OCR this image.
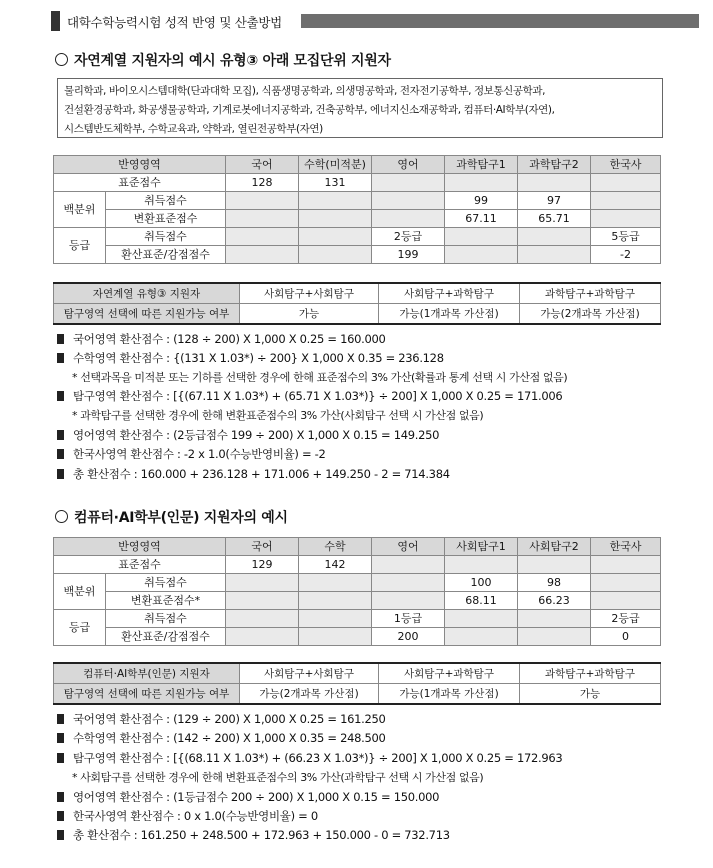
대학수학능력시험 성적 반영 및 산출방법
자연계열 지원자의 예시 유형③ 아래 모집단위 지원자
물리학과, 바이오시스템대학(단과대학 모집), 식품생명공학과, 의생명공학과, 전자전기공학부, 정보통신공학과,
건설환경공학과, 화공생물공학과, 기계로봇에너지공학과, 건축공학부, 에너지신소재공학과, 컴퓨터·AI학부(자연),
시스템반도체학부, 수학교육과, 약학과, 열린전공학부(자연)
반영영역		국어	수학(미적분)	영어	과학탐구1	과학탐구2	한국사
표준점수		128	131				
백분위	취득점수				99	97	
	변환표준점수				67.11	65.71	
등급	취득점수			2등급			5등급
	환산표준/감점점수			199			-2
자연계열 유형③ 지원자	사회탐구+사회탐구	사회탐구+과학탐구	과학탐구+과학탐구
탐구영역 선택에 따른 지원가능 여부	가능	가능(1개과목 가산점)	가능(2개과목 가산점)
컴퓨터·AI학부(인문) 지원자의 예시
반영영역		국어	수학	영어	사회탐구1	사회탐구2	한국사
표준점수		129	142				
백분위	취득점수				100	98	
	변환표준점수*				68.11	66.23	
등급	취득점수			1등급			2등급
	환산표준/감점점수			200			0
컴퓨터·AI학부(인문) 지원자	사회탐구+사회탐구	사회탐구+과학탐구	과학탐구+과학탐구
탐구영역 선택에 따른 지원가능 여부	가능(2개과목 가산점)	가능(1개과목 가산점)	가능
국어영역 환산점수 : (128 ÷ 200) X 1,000 X 0.25 = 160.000
수학영역 환산점수 : {(131 X 1.03*) ÷ 200} X 1,000 X 0.35 = 236.128
* 선택과목을 미적분 또는 기하를 선택한 경우에 한해 표준점수의 3% 가산(확률과 통계 선택 시 가산점 없음)
탐구영역 환산점수 : [{(67.11 X 1.03*) + (65.71 X 1.03*)} ÷ 200] X 1,000 X 0.25 = 171.006
* 과학탐구를 선택한 경우에 한해 변환표준점수의 3% 가산(사회탐구 선택 시 가산점 없음)
영어영역 환산점수 : (2등급점수 199 ÷ 200) X 1,000 X 0.15 = 149.250
한국사영역 환산점수 : -2 x 1.0(수능반영비율) = -2
총 환산점수 : 160.000 + 236.128 + 171.006 + 149.250 - 2 = 714.384
국어영역 환산점수 : (129 ÷ 200) X 1,000 X 0.25 = 161.250
수학영역 환산점수 : (142 ÷ 200) X 1,000 X 0.35 = 248.500
탐구영역 환산점수 : [{(68.11 X 1.03*) + (66.23 X 1.03*)} ÷ 200] X 1,000 X 0.25 = 172.963
* 사회탐구를 선택한 경우에 한해 변환표준점수의 3% 가산(과학탐구 선택 시 가산점 없음)
영어영역 환산점수 : (1등급점수 200 ÷ 200) X 1,000 X 0.15 = 150.000
한국사영역 환산점수 : 0 x 1.0(수능반영비율) = 0
총 환산점수 : 161.250 + 248.500 + 172.963 + 150.000 - 0 = 732.713
